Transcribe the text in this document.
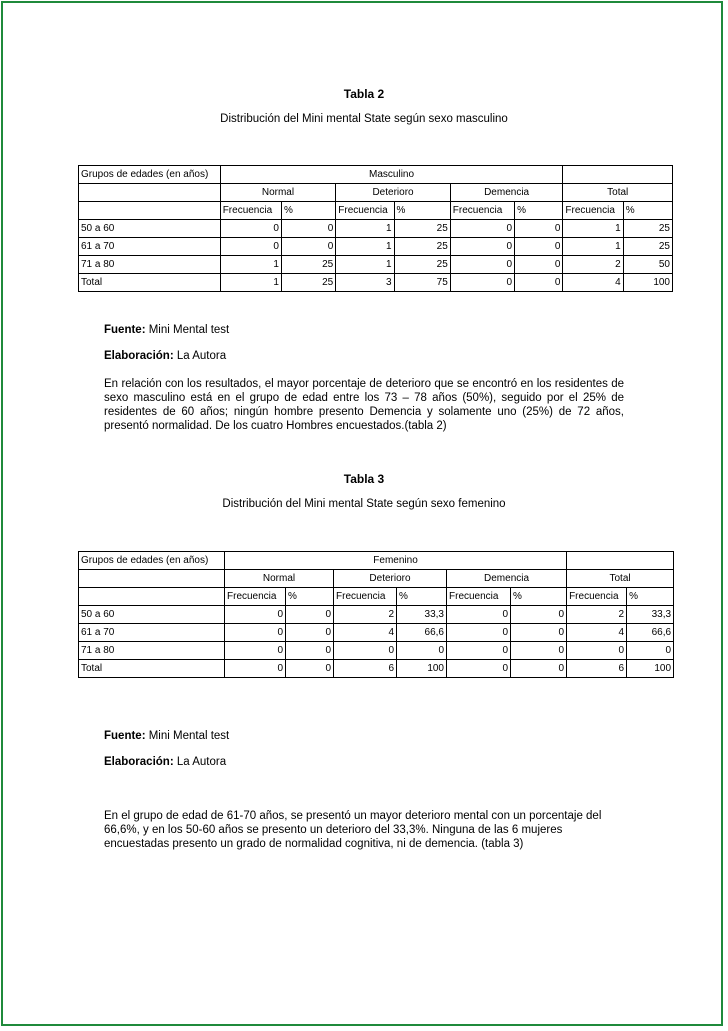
Tabla 2
Distribución del Mini mental State según sexo masculino
Grupos de edades (en años)	Masculino							
	Normal		Deterioro		Demencia		Total	
	Frecuencia	%	Frecuencia	%	Frecuencia	%	Frecuencia	%
50 a 60	0	0	1	25	0	0	1	25
61 a 70	0	0	1	25	0	0	1	25
71 a 80	1	25	1	25	0	0	2	50
Total	1	25	3	75	0	0	4	100
Fuente: Mini Mental test
Elaboración: La Autora
En relación con los resultados, el mayor porcentaje de deterioro que se encontró en los residentes de sexo masculino está en el grupo de edad entre los 73 – 78 años (50%), seguido por el 25% de residentes de 60 años; ningún hombre presento Demencia y solamente uno (25%) de 72 años, presentó normalidad. De los cuatro Hombres encuestados.(tabla 2)
Tabla 3
Distribución del Mini mental State según sexo femenino
Grupos de edades (en años)	Femenino							
	Normal		Deterioro		Demencia		Total	
	Frecuencia	%	Frecuencia	%	Frecuencia	%	Frecuencia	%
50 a 60	0	0	2	33,3	0	0	2	33,3
61 a 70	0	0	4	66,6	0	0	4	66,6
71 a 80	0	0	0	0	0	0	0	0
Total	0	0	6	100	0	0	6	100
Fuente: Mini Mental test
Elaboración: La Autora
En el grupo de edad de 61-70 años, se presentó un mayor deterioro mental con un porcentaje del 66,6%, y en los 50-60 años se presento un deterioro del 33,3%. Ninguna de las 6 mujeres encuestadas presento un grado de normalidad cognitiva, ni de demencia. (tabla 3)
